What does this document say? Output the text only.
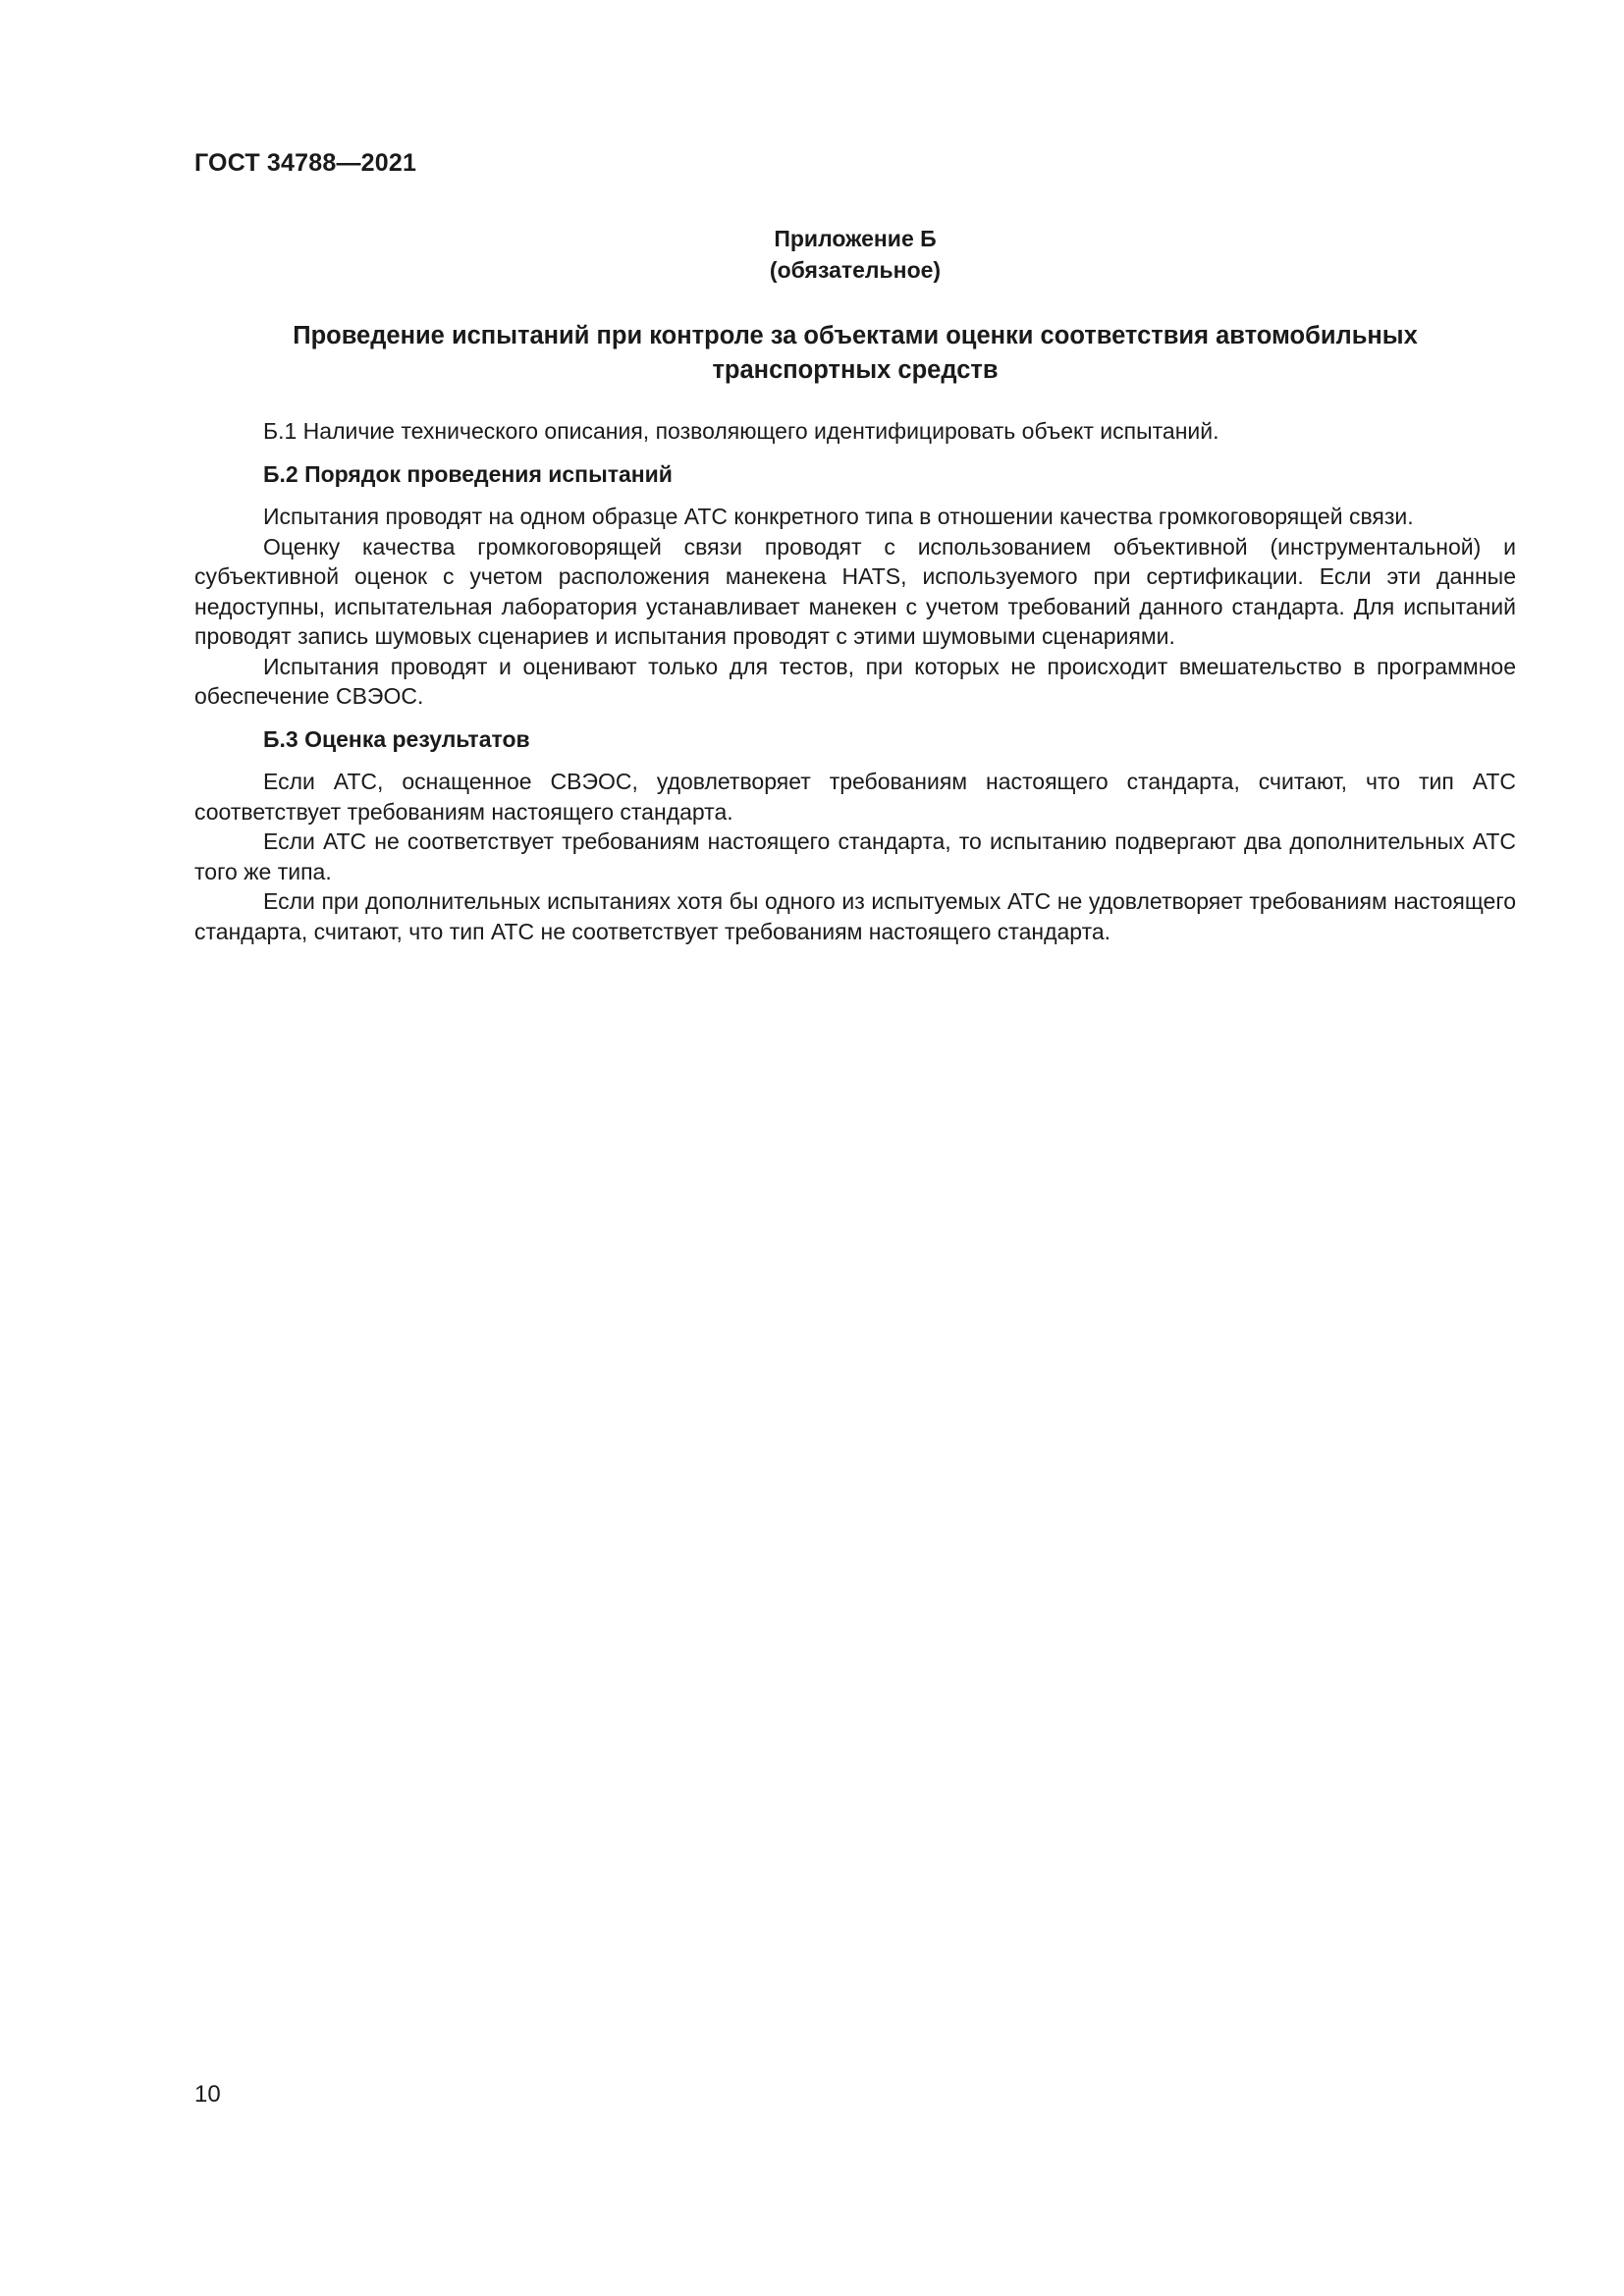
ГОСТ 34788—2021
Приложение Б
(обязательное)
Проведение испытаний при контроле за объектами оценки соответствия автомобильных
транспортных средств

Б.1 Наличие технического описания, позволяющего идентифицировать объект испытаний.

Б.2 Порядок проведения испытаний

Испытания проводят на одном образце АТС конкретного типа в отношении качества громкоговорящей связи.

Оценку качества громкоговорящей связи проводят с использованием объективной (инструментальной) и субъективной оценок с учетом расположения манекена HATS, используемого при сертификации. Если эти данные недоступны, испытательная лаборатория устанавливает манекен с учетом требований данного стандарта. Для испытаний проводят запись шумовых сценариев и испытания проводят с этими шумовыми сценариями.

Испытания проводят и оценивают только для тестов, при которых не происходит вмешательство в программное обеспечение СВЭОС.

Б.3 Оценка результатов

Если АТС, оснащенное СВЭОС, удовлетворяет требованиям настоящего стандарта, считают, что тип АТС соответствует требованиям настоящего стандарта.

Если АТС не соответствует требованиям настоящего стандарта, то испытанию подвергают два дополнительных АТС того же типа.

Если при дополнительных испытаниях хотя бы одного из испытуемых АТС не удовлетворяет требованиям настоящего стандарта, считают, что тип АТС не соответствует требованиям настоящего стандарта.

10
